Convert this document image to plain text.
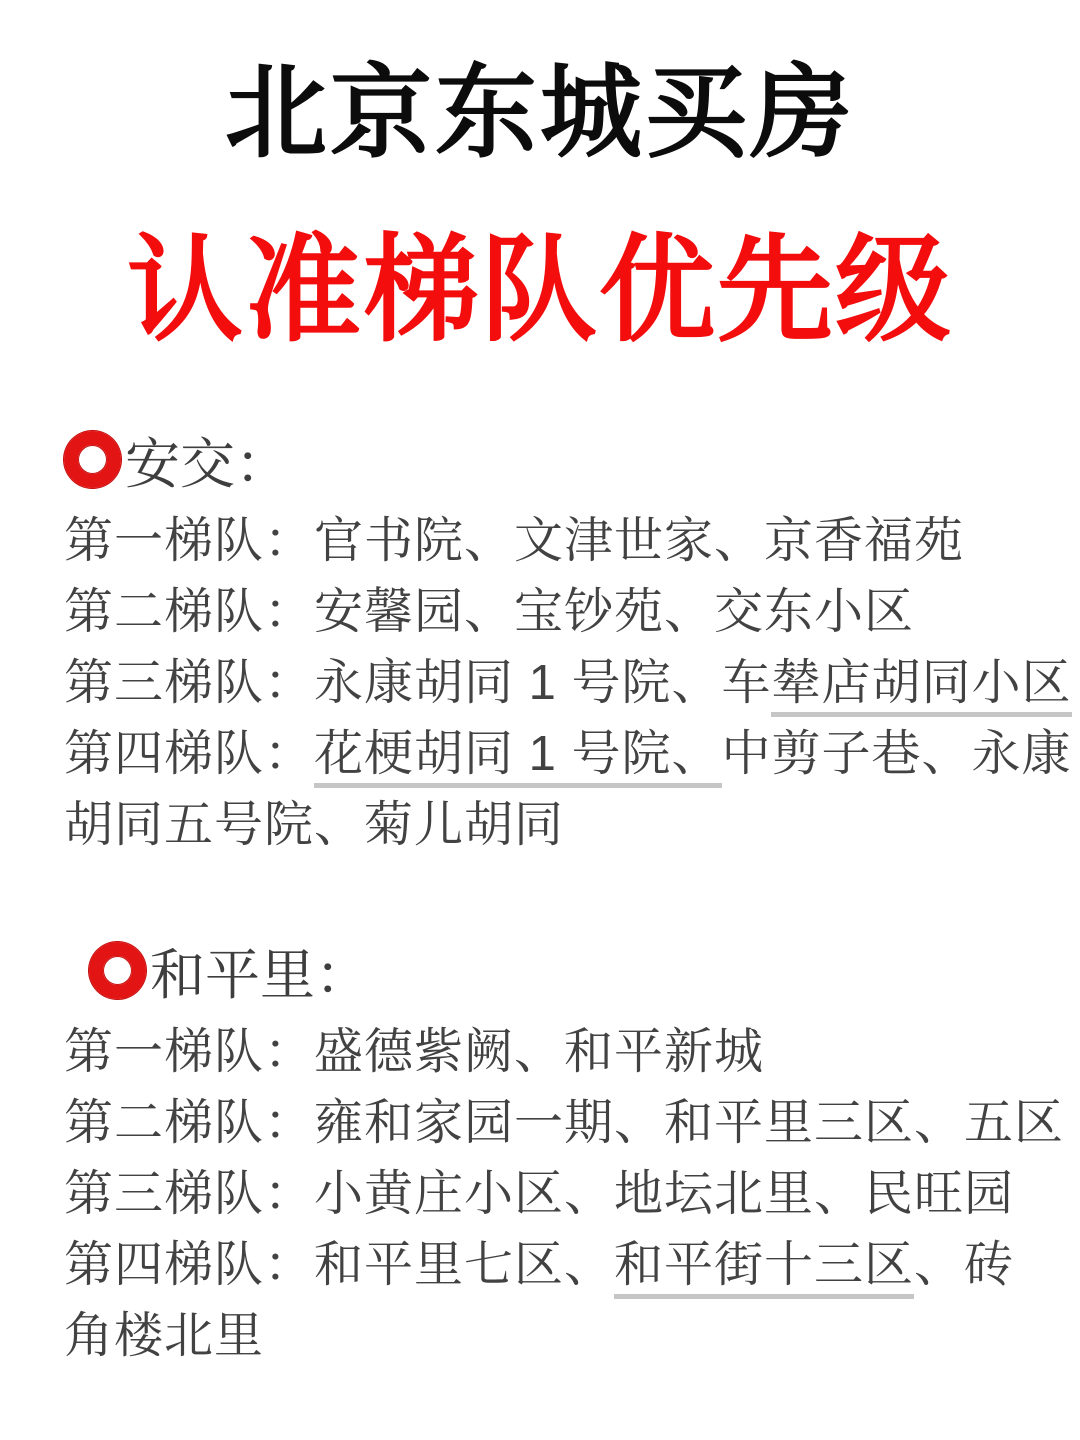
北京东城买房
认准梯队优先级
安交：
第一梯队：官书院、文津世家、京香福苑
第二梯队：安馨园、宝钞苑、交东小区
第三梯队：永康胡同 1 号院、车辇店胡同小区
第四梯队：花梗胡同 1 号院、中剪子巷、永康
胡同五号院、菊儿胡同
和平里：
第一梯队：盛德紫阙、和平新城
第二梯队：雍和家园一期、和平里三区、五区
第三梯队：小黄庄小区、地坛北里、民旺园
第四梯队：和平里七区、和平街十三区、砖
角楼北里
